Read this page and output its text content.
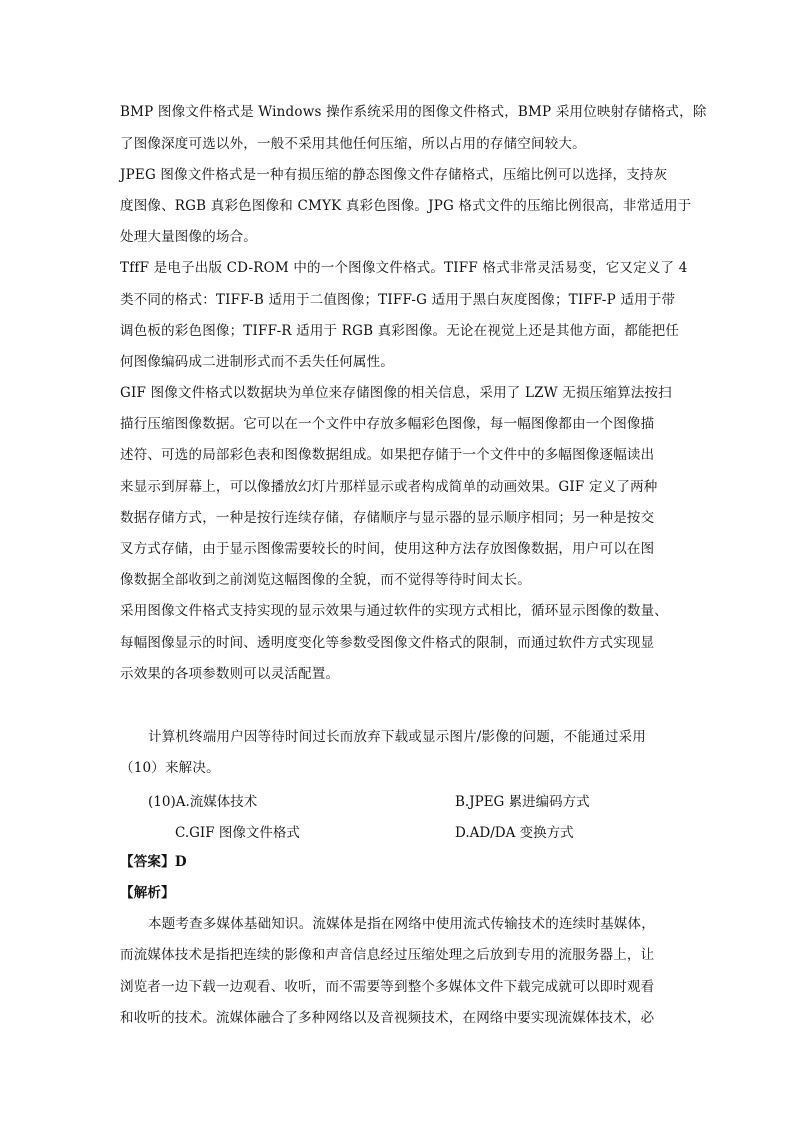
BMP 图像文件格式是 Windows 操作系统采用的图像文件格式，BMP 采用位映射存储格式，除
了图像深度可选以外，一般不采用其他任何压缩，所以占用的存储空间较大。
JPEG 图像文件格式是一种有损压缩的静态图像文件存储格式，压缩比例可以选择，支持灰
度图像、RGB 真彩色图像和 CMYK 真彩色图像。JPG 格式文件的压缩比例很高，非常适用于
处理大量图像的场合。
TffF 是电子出版 CD-ROM 中的一个图像文件格式。TIFF 格式非常灵活易变，它又定义了 4
类不同的格式：TIFF-B 适用于二值图像；TIFF-G 适用于黑白灰度图像；TIFF-P 适用于带
调色板的彩色图像；TIFF-R 适用于 RGB 真彩图像。无论在视觉上还是其他方面，都能把任
何图像编码成二进制形式而不丢失任何属性。
GIF 图像文件格式以数据块为单位来存储图像的相关信息，采用了 LZW 无损压缩算法按扫
描行压缩图像数据。它可以在一个文件中存放多幅彩色图像，每一幅图像都由一个图像描
述符、可选的局部彩色表和图像数据组成。如果把存储于一个文件中的多幅图像逐幅读出
来显示到屏幕上，可以像播放幻灯片那样显示或者构成简单的动画效果。GIF 定义了两种
数据存储方式，一种是按行连续存储，存储顺序与显示器的显示顺序相同；另一种是按交
叉方式存储，由于显示图像需要较长的时间，使用这种方法存放图像数据，用户可以在图
像数据全部收到之前浏览这幅图像的全貌，而不觉得等待时间太长。
采用图像文件格式支持实现的显示效果与通过软件的实现方式相比，循环显示图像的数量、
每幅图像显示的时间、透明度变化等参数受图像文件格式的限制，而通过软件方式实现显
示效果的各项参数则可以灵活配置。
计算机终端用户因等待时间过长而放弃下载或显示图片/影像的问题，不能通过采用
（10）来解决。
(10)A.流媒体技术	B.JPEG 累进编码方式
C.GIF 图像文件格式	D.AD/DA 变换方式
【答案】D
【解析】
本题考查多媒体基础知识。流媒体是指在网络中使用流式传输技术的连续时基媒体，
而流媒体技术是指把连续的影像和声音信息经过压缩处理之后放到专用的流服务器上，让
浏览者一边下载一边观看、收听，而不需要等到整个多媒体文件下载完成就可以即时观看
和收听的技术。流媒体融合了多种网络以及音视频技术，在网络中要实现流媒体技术，必
